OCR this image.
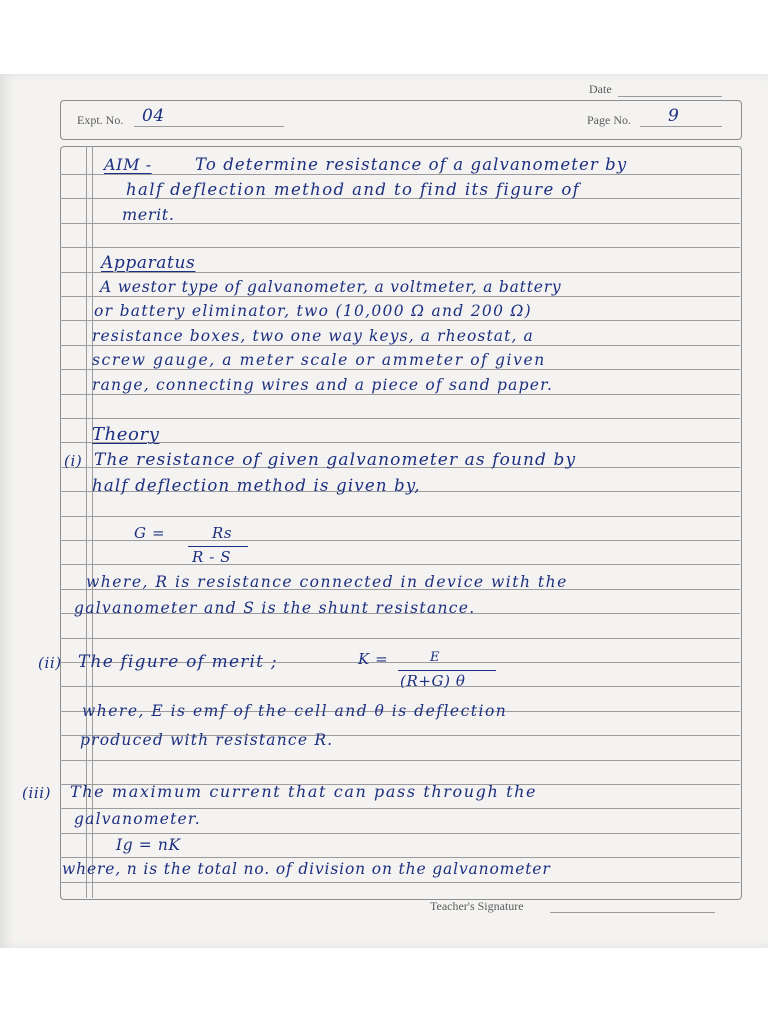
Date
Expt. No. 04	Page No. 9
AIM -	To determine resistance of a galvanometer by
half deflection method and to find its figure of
merit.
Apparatus
A westor type of galvanometer, a voltmeter, a battery
or battery eliminator, two (10,000 Ω and 200 Ω)
resistance boxes, two one way keys, a rheostat, a
screw gauge, a meter scale or ammeter of given
range, connecting wires and a piece of sand paper.
Theory
(i) The resistance of given galvanometer as found by
half deflection method is given by,
G =	Rs
R - S
where, R is resistance connected in device with the
galvanometer and S is the shunt resistance.
(ii) The figure of merit ;	K =	E
(R+G) θ
where, E is emf of the cell and θ is deflection
produced with resistance R.
(iii) The maximum current that can pass through the
galvanometer.
Ig = nK
where, n is the total no. of division on the galvanometer
Teacher's Signature
